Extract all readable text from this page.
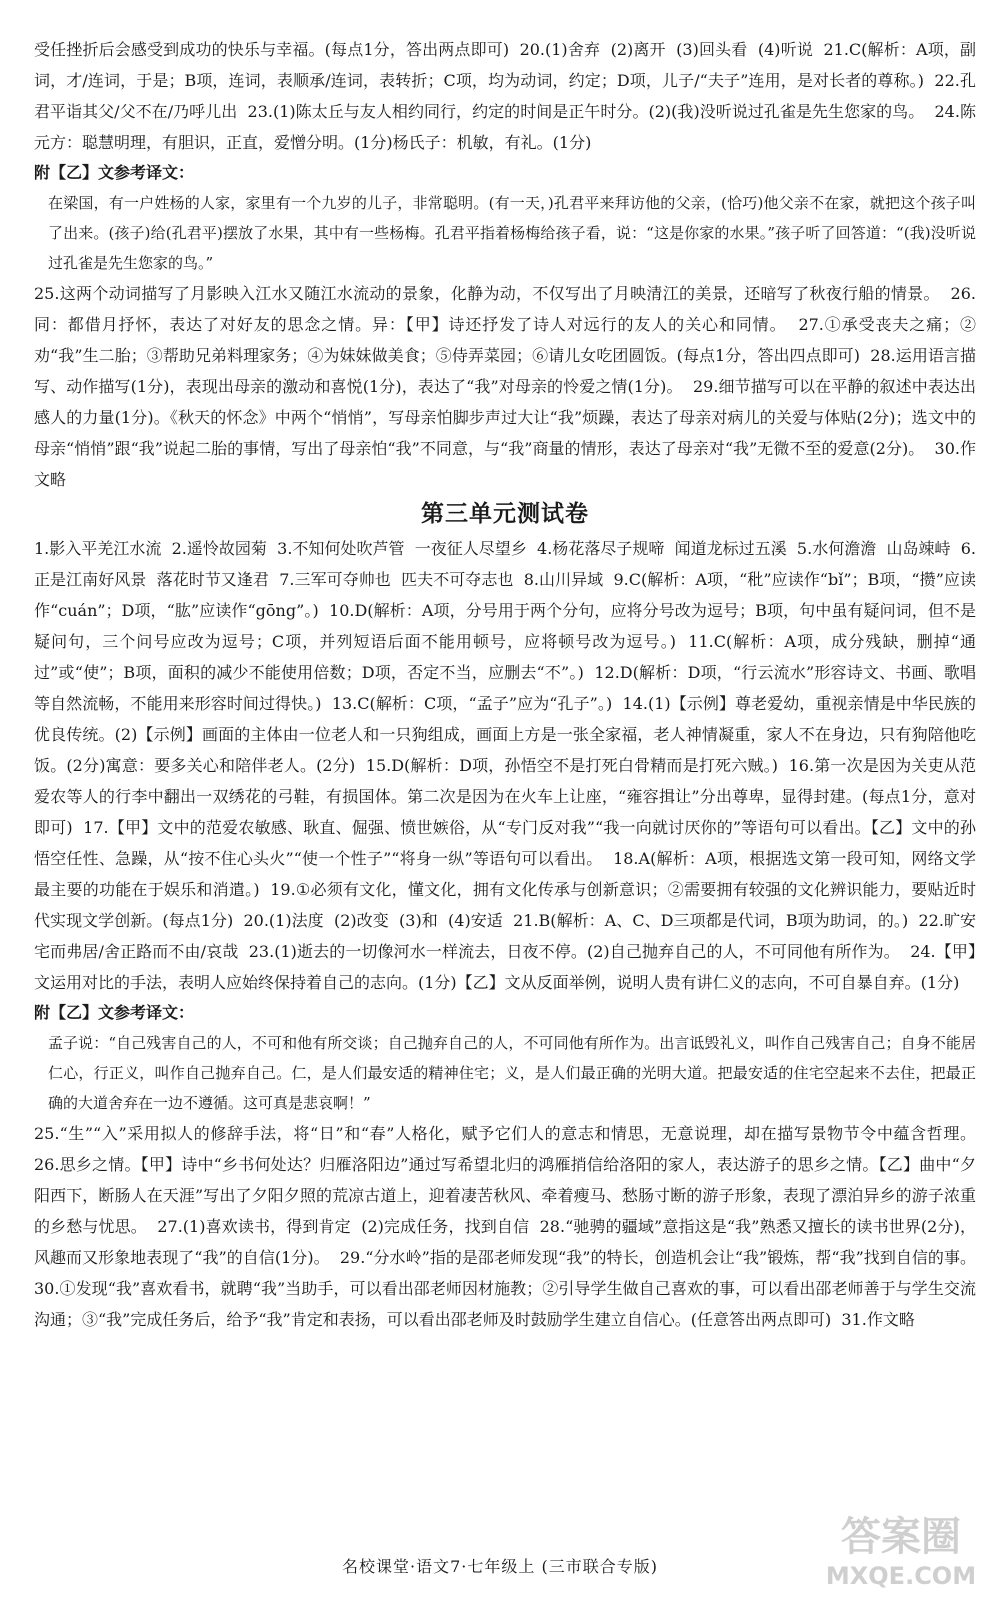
受任挫折后会感受到成功的快乐与幸福。(每点1分，答出两点即可)  20.(1)舍弃  (2)离开  (3)回头看  (4)听说  21.C(解析：A项，副词，才/连词，于是；B项，连词，表顺承/连词，表转折；C项，均为动词，约定；D项，儿子/“夫子”连用，是对长者的尊称。)  22.孔君平诣其父/父不在/乃呼儿出  23.(1)陈太丘与友人相约同行，约定的时间是正午时分。(2)(我)没听说过孔雀是先生您家的鸟。  24.陈元方：聪慧明理，有胆识，正直，爱憎分明。(1分)杨氏子：机敏，有礼。(1分)

附【乙】文参考译文：

在梁国，有一户姓杨的人家，家里有一个九岁的儿子，非常聪明。(有一天，)孔君平来拜访他的父亲，(恰巧)他父亲不在家，就把这个孩子叫了出来。(孩子)给(孔君平)摆放了水果，其中有一些杨梅。孔君平指着杨梅给孩子看，说：“这是你家的水果。”孩子听了回答道：“(我)没听说过孔雀是先生您家的鸟。”

25.这两个动词描写了月影映入江水又随江水流动的景象，化静为动，不仅写出了月映清江的美景，还暗写了秋夜行船的情景。  26.同：都借月抒怀，表达了对好友的思念之情。异：【甲】诗还抒发了诗人对远行的友人的关心和同情。  27.①承受丧夫之痛；②劝“我”生二胎；③帮助兄弟料理家务；④为妹妹做美食；⑤侍弄菜园；⑥请儿女吃团圆饭。(每点1分，答出四点即可)  28.运用语言描写、动作描写(1分)，表现出母亲的激动和喜悦(1分)，表达了“我”对母亲的怜爱之情(1分)。  29.细节描写可以在平静的叙述中表达出感人的力量(1分)。《秋天的怀念》中两个“悄悄”，写母亲怕脚步声过大让“我”烦躁，表达了母亲对病儿的关爱与体贴(2分)；选文中的母亲“悄悄”跟“我”说起二胎的事情，写出了母亲怕“我”不同意，与“我”商量的情形，表达了母亲对“我”无微不至的爱意(2分)。  30.作文略

第三单元测试卷

1.影入平羌江水流  2.遥怜故园菊  3.不知何处吹芦管  一夜征人尽望乡  4.杨花落尽子规啼  闻道龙标过五溪  5.水何澹澹  山岛竦峙  6.正是江南好风景  落花时节又逢君  7.三军可夺帅也  匹夫不可夺志也  8.山川异域  9.C(解析：A项，“秕”应读作“bǐ”；B项，“攒”应读作“cuán”；D项，“肱”应读作“gōng”。)  10.D(解析：A项，分号用于两个分句，应将分号改为逗号；B项，句中虽有疑问词，但不是疑问句，三个问号应改为逗号；C项，并列短语后面不能用顿号，应将顿号改为逗号。)  11.C(解析：A项，成分残缺，删掉“通过”或“使”；B项，面积的减少不能使用倍数；D项，否定不当，应删去“不”。)  12.D(解析：D项，“行云流水”形容诗文、书画、歌唱等自然流畅，不能用来形容时间过得快。)  13.C(解析：C项，“孟子”应为“孔子”。)  14.(1)【示例】尊老爱幼，重视亲情是中华民族的优良传统。(2)【示例】画面的主体由一位老人和一只狗组成，画面上方是一张全家福，老人神情凝重，家人不在身边，只有狗陪他吃饭。(2分)寓意：要多关心和陪伴老人。(2分)  15.D(解析：D项，孙悟空不是打死白骨精而是打死六贼。)  16.第一次是因为关吏从范爱农等人的行李中翻出一双绣花的弓鞋，有损国体。第二次是因为在火车上让座，“雍容揖让”分出尊卑，显得封建。(每点1分，意对即可)  17.【甲】文中的范爱农敏感、耿直、倔强、愤世嫉俗，从“专门反对我”“我一向就讨厌你的”等语句可以看出。【乙】文中的孙悟空任性、急躁，从“按不住心头火”“使一个性子”“将身一纵”等语句可以看出。  18.A(解析：A项，根据选文第一段可知，网络文学最主要的功能在于娱乐和消遣。)  19.①必须有文化，懂文化，拥有文化传承与创新意识；②需要拥有较强的文化辨识能力，要贴近时代实现文学创新。(每点1分)  20.(1)法度  (2)改变  (3)和  (4)安适  21.B(解析：A、C、D三项都是代词，B项为助词，的。)  22.旷安宅而弗居/舍正路而不由/哀哉  23.(1)逝去的一切像河水一样流去，日夜不停。(2)自己抛弃自己的人，不可同他有所作为。  24.【甲】文运用对比的手法，表明人应始终保持着自己的志向。(1分)【乙】文从反面举例，说明人贵有讲仁义的志向，不可自暴自弃。(1分)

附【乙】文参考译文：

孟子说：“自己残害自己的人，不可和他有所交谈；自己抛弃自己的人，不可同他有所作为。出言诋毁礼义，叫作自己残害自己；自身不能居仁心，行正义，叫作自己抛弃自己。仁，是人们最安适的精神住宅；义，是人们最正确的光明大道。把最安适的住宅空起来不去住，把最正确的大道舍弃在一边不遵循。这可真是悲哀啊！”

25.“生”“入”采用拟人的修辞手法，将“日”和“春”人格化，赋予它们人的意志和情思，无意说理，却在描写景物节令中蕴含哲理。  26.思乡之情。【甲】诗中“乡书何处达？归雁洛阳边”通过写希望北归的鸿雁捎信给洛阳的家人，表达游子的思乡之情。【乙】曲中“夕阳西下，断肠人在天涯”写出了夕阳夕照的荒凉古道上，迎着凄苦秋风、牵着瘦马、愁肠寸断的游子形象，表现了漂泊异乡的游子浓重的乡愁与忧思。  27.(1)喜欢读书，得到肯定  (2)完成任务，找到自信  28.“驰骋的疆域”意指这是“我”熟悉又擅长的读书世界(2分)，风趣而又形象地表现了“我”的自信(1分)。  29.“分水岭”指的是邵老师发现“我”的特长，创造机会让“我”锻炼，帮“我”找到自信的事。  30.①发现“我”喜欢看书，就聘“我”当助手，可以看出邵老师因材施教；②引导学生做自己喜欢的事，可以看出邵老师善于与学生交流沟通；③“我”完成任务后，给予“我”肯定和表扬，可以看出邵老师及时鼓励学生建立自信心。(任意答出两点即可)  31.作文略

名校课堂·语文7·七年级上 (三市联合专版)
答案圈
MXQE.COM
